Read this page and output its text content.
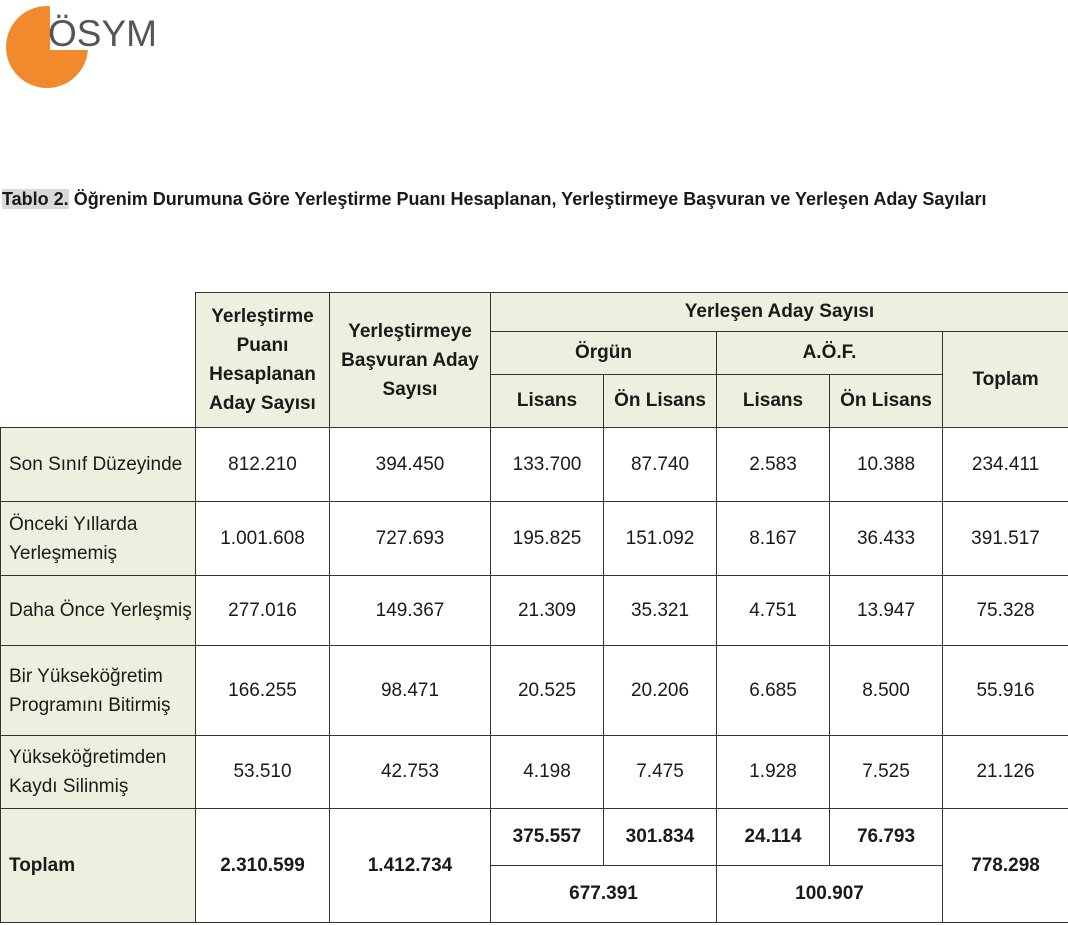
ÖSYM
Tablo 2. Öğrenim Durumuna Göre Yerleştirme Puanı Hesaplanan, Yerleştirmeye Başvuran ve Yerleşen Aday Sayıları
	Yerleştirme Puanı Hesaplanan Aday Sayısı	Yerleştirmeye Başvuran Aday Sayısı	Yerleşen Aday Sayısı				
			Örgün		A.Ö.F.		Toplam
			Lisans	Ön Lisans	Lisans	Ön Lisans	
Son Sınıf Düzeyinde	812.210	394.450	133.700	87.740	2.583	10.388	234.411
Önceki Yıllarda Yerleşmemiş	1.001.608	727.693	195.825	151.092	8.167	36.433	391.517
Daha Önce Yerleşmiş	277.016	149.367	21.309	35.321	4.751	13.947	75.328
Bir Yükseköğretim Programını Bitirmiş	166.255	98.471	20.525	20.206	6.685	8.500	55.916
Yükseköğretimden Kaydı Silinmiş	53.510	42.753	4.198	7.475	1.928	7.525	21.126
Toplam	2.310.599	1.412.734	375.557	301.834	24.114	76.793	778.298
			677.391		100.907		
